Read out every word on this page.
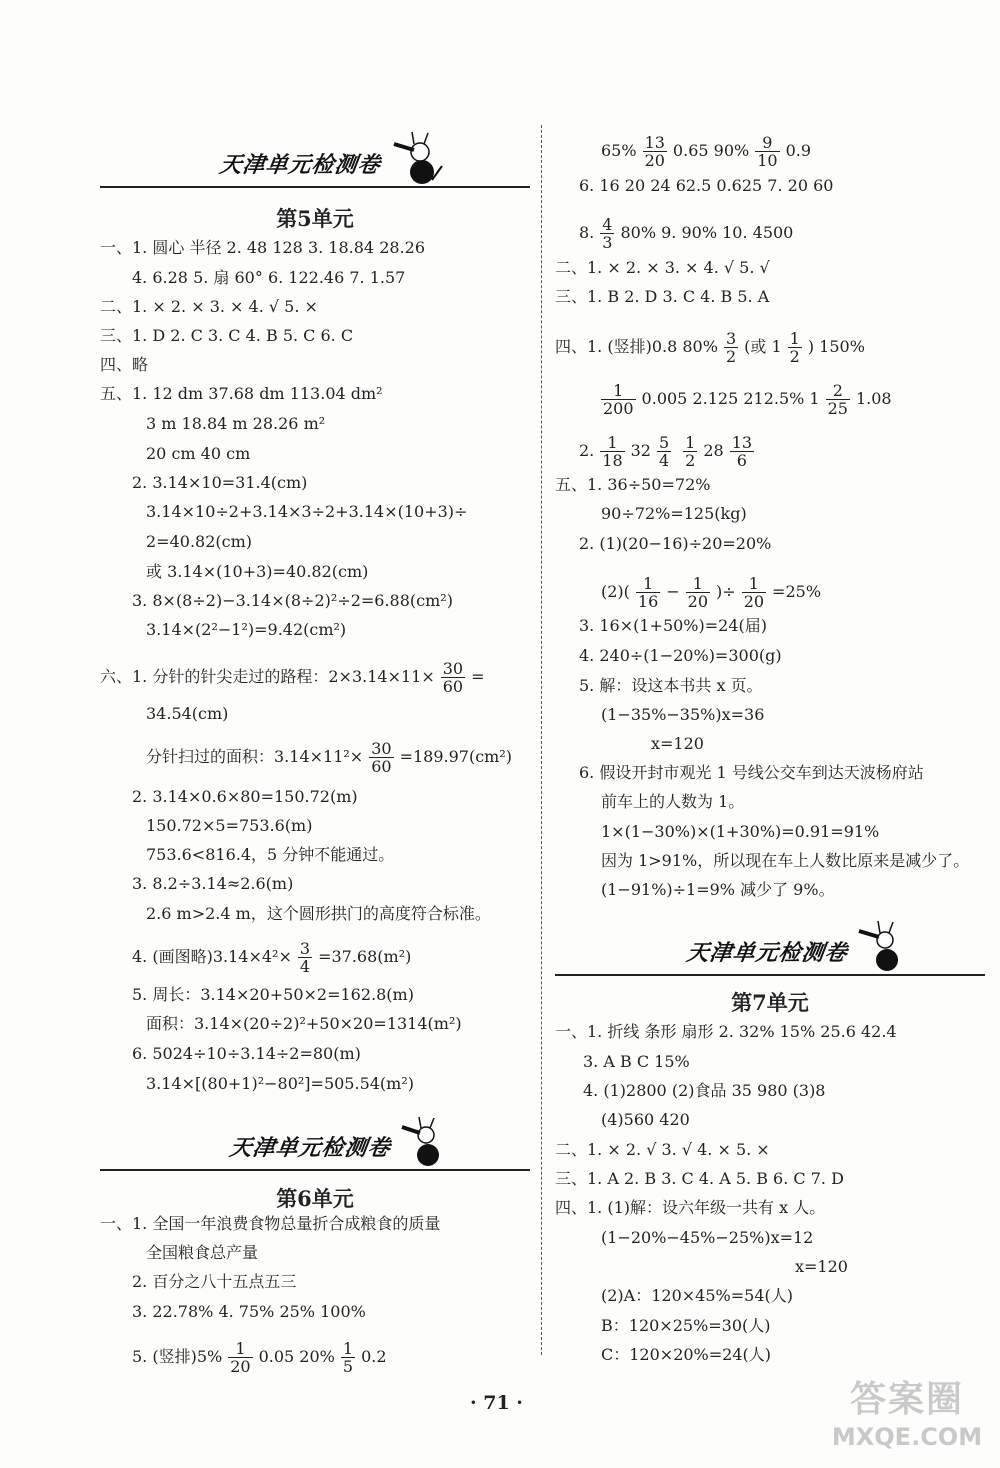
天津单元检测卷
第5单元
一、1. 圆心 半径 2. 48 128 3. 18.84 28.26
4. 6.28 5. 扇 60° 6. 122.46 7. 1.57
二、1. × 2. × 3. × 4. √ 5. ×
三、1. D 2. C 3. C 4. B 5. C 6. C
四、略
五、1. 12 dm 37.68 dm 113.04 dm²
3 m 18.84 m 28.26 m²
20 cm 40 cm
2. 3.14×10=31.4(cm)
3.14×10÷2+3.14×3÷2+3.14×(10+3)÷
2=40.82(cm)
或 3.14×(10+3)=40.82(cm)
3. 8×(8÷2)−3.14×(8÷2)²÷2=6.88(cm²)
3.14×(2²−1²)=9.42(cm²)
六、1. 分针的针尖走过的路程：$2\times 3.14\times 11\times \frac{30}{60}$ =
34.54(cm)
分针扫过的面积：$3.14\times 11^2\times \frac{30}{60} =189.97(cm^2)$
2. 3.14×0.6×80=150.72(m)
150.72×5=753.6(m)
753.6<816.4，5 分钟不能通过。
3. 8.2÷3.14≈2.6(m)
2.6 m>2.4 m，这个圆形拱门的高度符合标准。
4. (画图略)$3.14\times 4^2\times \frac{3}{4} =37.68(m^2)$
5. 周长：3.14×20+50×2=162.8(m)
面积：3.14×(20÷2)²+50×20=1314(m²)
6. 5024÷10÷3.14÷2=80(m)
3.14×[(80+1)²−80²]=505.54(m²)
天津单元检测卷
第6单元
一、1. 全国一年浪费食物总量折合成粮食的质量
全国粮食总产量
2. 百分之八十五点五三
3. 22.78% 4. 75% 25% 100%
5. (竖排)$5\% \frac{1}{20} 0.05$ $20\% \frac{1}{5} 0.2$
$65\% \frac{13}{20} 0.65$ $90\% \frac{9}{10} 0.9$
6. 16 20 24 62.5 0.625 7. 20 60
8. $\frac{4}{3} 80\%$ 9. 90% 10. 4500
二、1. × 2. × 3. × 4. √ 5. √
三、1. B 2. D 3. C 4. B 5. A
四、1. (竖排)0.8 $80\% \frac{3}{2}$ (或 $1 \frac{1}{2}$ ) 150%
$\frac{1}{200} 0.005$ 2.125 212.5% $1 \frac{2}{25} 1.08$
2. $\frac{1}{18} 32 \frac{5}{4} \frac{1}{2} 28 \frac{13}{6}$
五、1. 36÷50=72%
90÷72%=125(kg)
2. (1)(20−16)÷20=20%
$(2)( \frac{1}{16} - \frac{1}{20}$ )÷ $\frac{1}{20} =25\%$
3. 16×(1+50%)=24(届)
4. 240÷(1−20%)=300(g)
5. 解：设这本书共 x 页。
(1−35%−35%)x=36
x=120
6. 假设开封市观光 1 号线公交车到达天波杨府站
前车上的人数为 1。
1×(1−30%)×(1+30%)=0.91=91%
因为 1>91%，所以现在车上人数比原来是减少了。
(1−91%)÷1=9% 减少了 9%。
天津单元检测卷
第7单元
一、1. 折线 条形 扇形 2. 32% 15% 25.6 42.4
3. A B C 15%
4. (1)2800 (2)食品 35 980 (3)8
(4)560 420
二、1. × 2. √ 3. √ 4. × 5. ×
三、1. A 2. B 3. C 4. A 5. B 6. C 7. D
四、1. (1)解：设六年级一共有 x 人。
(1−20%−45%−25%)x=12
x=120
(2)A：120×45%=54(人)
B：120×25%=30(人)
C：120×20%=24(人)
· 71 ·	答案圈
MXQE.COM
